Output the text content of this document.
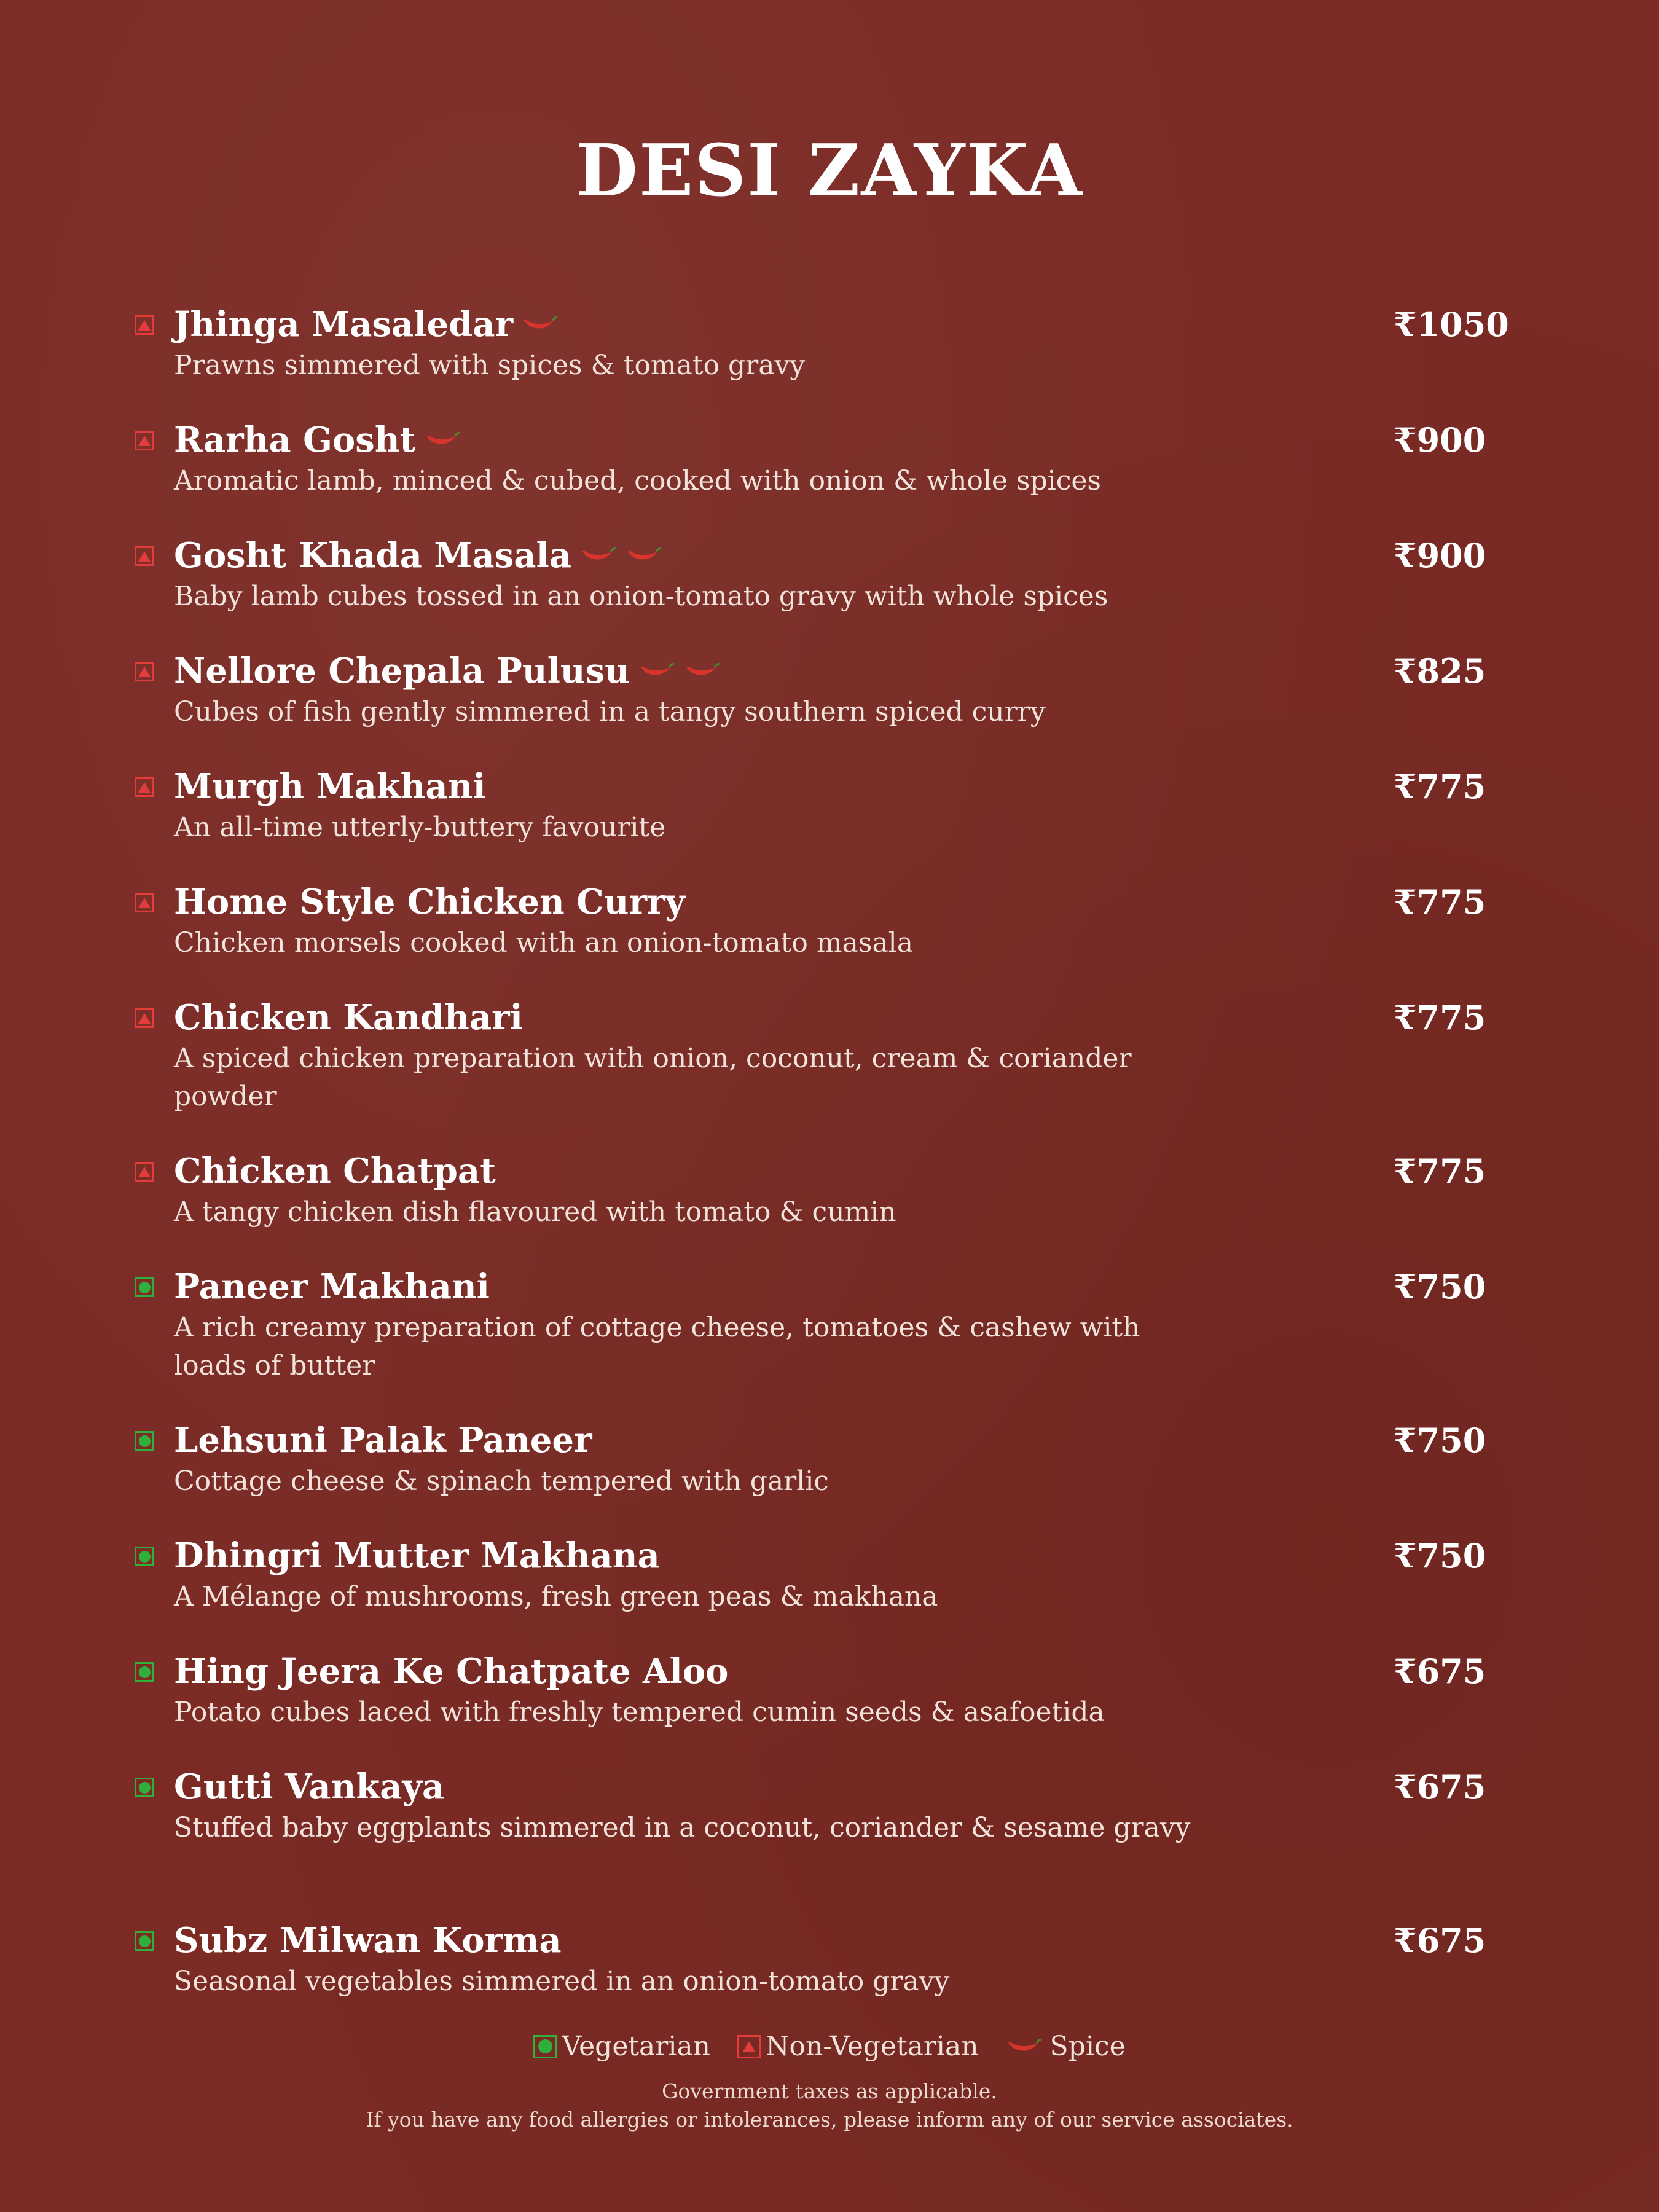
DESI ZAYKA
Jhinga Masaledar	₹1050
Prawns simmered with spices & tomato gravy
Rarha Gosht	₹900
Aromatic lamb, minced & cubed, cooked with onion & whole spices
Gosht Khada Masala	₹900
Baby lamb cubes tossed in an onion-tomato gravy with whole spices
Nellore Chepala Pulusu	₹825
Cubes of fish gently simmered in a tangy southern spiced curry
Murgh Makhani	₹775
An all-time utterly-buttery favourite
Home Style Chicken Curry	₹775
Chicken morsels cooked with an onion-tomato masala
Chicken Kandhari	₹775
A spiced chicken preparation with onion, coconut, cream & coriander powder
Chicken Chatpat	₹775
A tangy chicken dish flavoured with tomato & cumin
Paneer Makhani	₹750
A rich creamy preparation of cottage cheese, tomatoes & cashew with loads of butter
Lehsuni Palak Paneer	₹750
Cottage cheese & spinach tempered with garlic
Dhingri Mutter Makhana	₹750
A Mélange of mushrooms, fresh green peas & makhana
Hing Jeera Ke Chatpate Aloo	₹675
Potato cubes laced with freshly tempered cumin seeds & asafoetida
Gutti Vankaya	₹675
Stuffed baby eggplants simmered in a coconut, coriander & sesame gravy
Subz Milwan Korma	₹675
Seasonal vegetables simmered in an onion-tomato gravy
Vegetarian Non-Vegetarian	Spice
Government taxes as applicable.
If you have any food allergies or intolerances, please inform any of our service associates.
